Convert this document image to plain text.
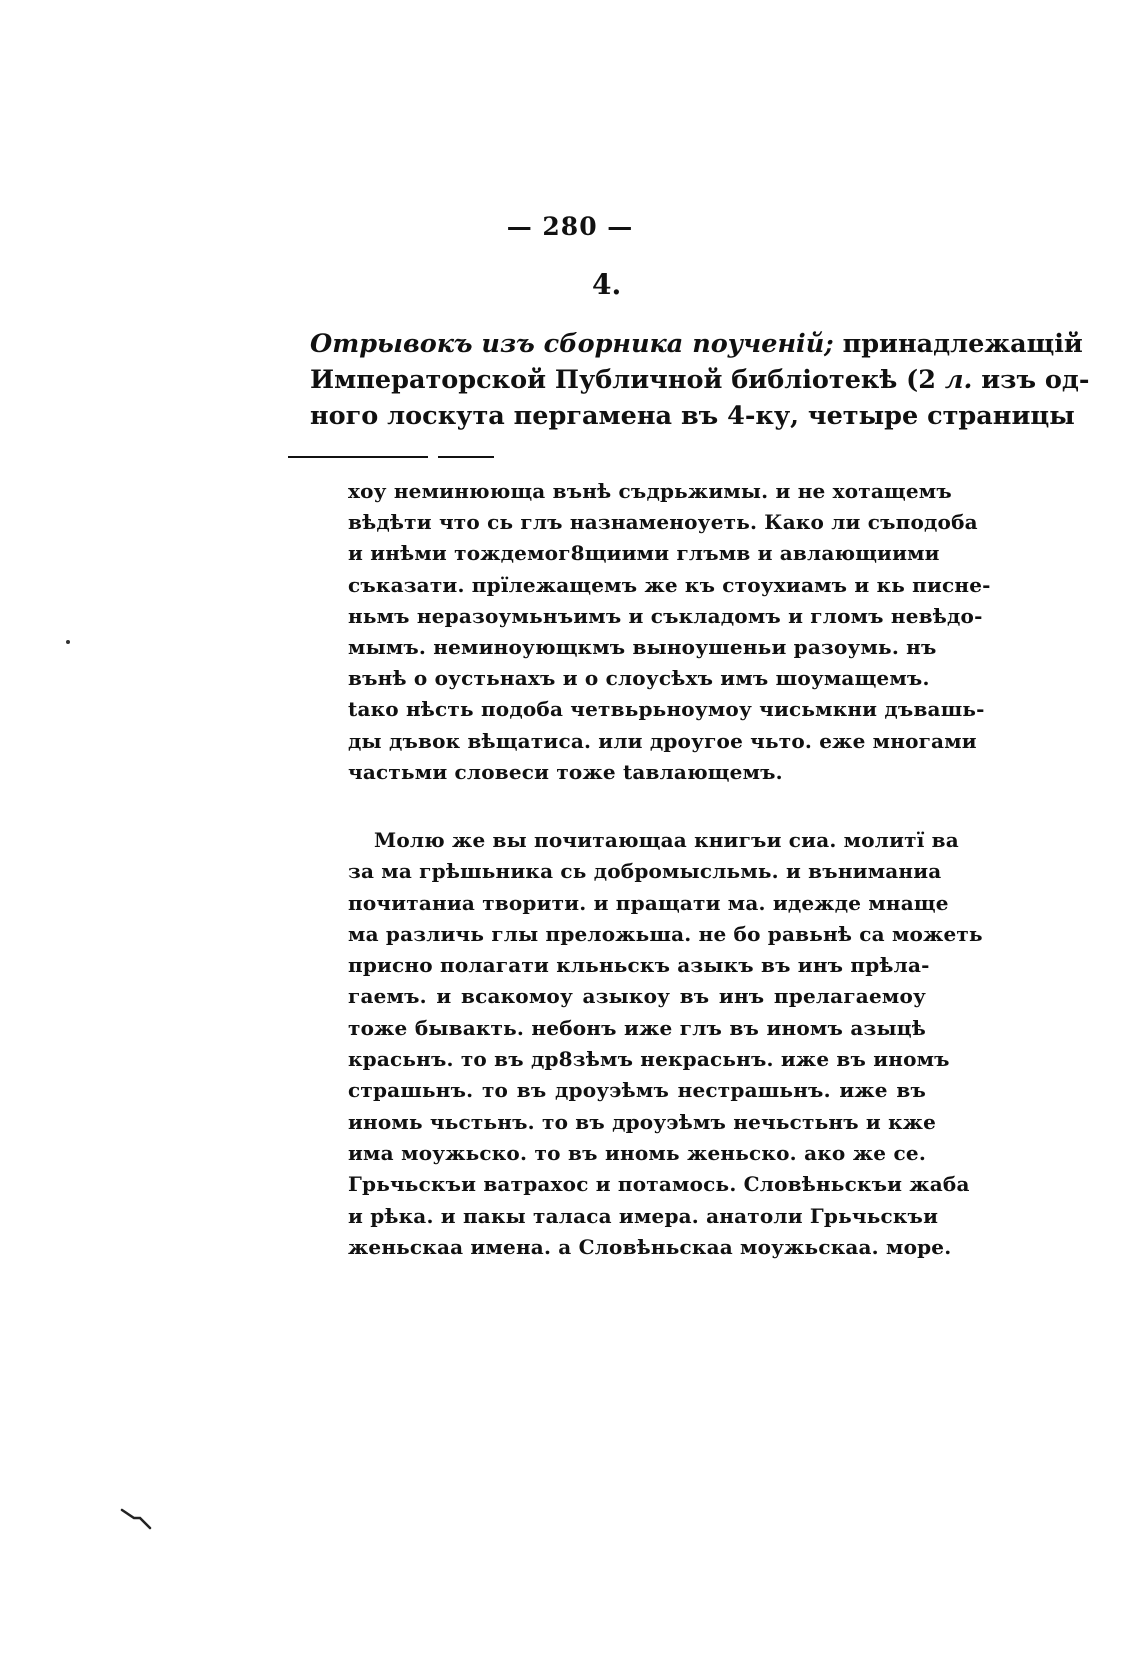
— 280 —
4.
Отрывокъ изъ сборника поученій; принадлежащій
Императорской Публичной библіотекѣ (2 л. изъ од-
ного лоскута пергамена въ 4-ку, четыре страницы
хоу неминююща вънѣ съдрьжимы. и не хотащемъ
вѣдѣти что сь глъ назнаменоуеть. Како ли съподоба
и инѣми тождемог8щиими глъмв и авлающиими
съказати. прїлежащемъ же къ стоухиамъ и кь писне-
ньмъ неразоумьнъимъ и съкладомъ и гломъ невѣдо-
мымъ. неминоующкмъ выноушеньи разоумь. нъ
вънѣ о оустьнахъ и о слоусѣхъ имъ шоумащемъ.
tако нѣсть подоба четвьрьноумоу чисьмкни дъвашь-
ды дъвок вѣщатиса. или дроугое чьто. еже многами
частьми словеси тоже tавлающемъ.
Молю же вы почитающаа книгъи сиа. молитї ва
за ма грѣшьника сь добромысльмь. и въниманиа
почитаниа творити. и пращати ма. идежде мнаще
ма различь глы преложьша. не бо равьнѣ са можеть
присно полагати кльньскъ азыкъ въ инъ прѣла-
гаемъ. и всакомоу азыкоу въ инъ прелагаемоу
тоже бывакть. небонъ иже глъ въ иномъ азыцѣ
красьнъ. то въ др8зѣмъ некрасьнъ. иже въ иномъ
страшьнъ. то въ дроуэѣмъ нестрашьнъ. иже въ
иномь чьстьнъ. то въ дроуэѣмъ нечьстьнъ и кже
има моужьско. то въ иномь женьско. ако же се.
Грьчьскъи ватрахос и потамось. Словѣньскъи жаба
и рѣка. и пакы таласа имера. анатоли Грьчьскъи
женьскаа имена. а Словѣньскаа моужьскаа. море.
